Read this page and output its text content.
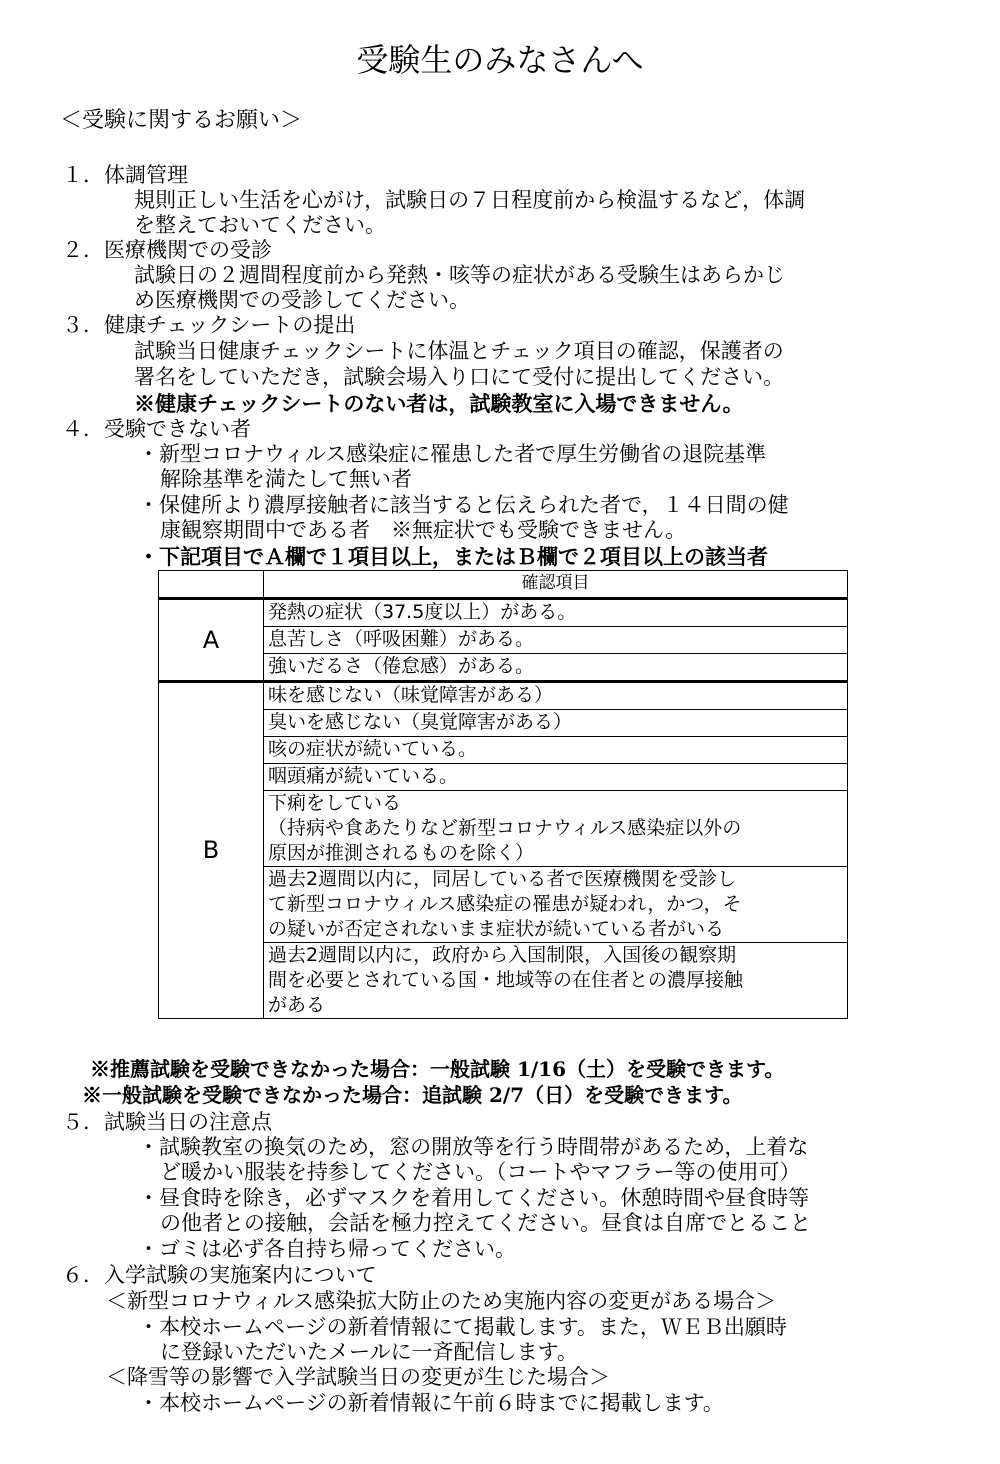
受験生のみなさんへ
＜受験に関するお願い＞
１．体調管理
規則正しい生活を心がけ，試験日の７日程度前から検温するなど，体調
を整えておいてください。
２．医療機関での受診
試験日の２週間程度前から発熱・咳等の症状がある受験生はあらかじ
め医療機関での受診してください。
３．健康チェックシートの提出
試験当日健康チェックシートに体温とチェック項目の確認，保護者の
署名をしていただき，試験会場入り口にて受付に提出してください。
※健康チェックシートのない者は，試験教室に入場できません。
４．受験できない者
・新型コロナウィルス感染症に罹患した者で厚生労働省の退院基準
解除基準を満たして無い者
・保健所より濃厚接触者に該当すると伝えられた者で，１４日間の健
康観察期間中である者　※無症状でも受験できません。
・下記項目でＡ欄で１項目以上，またはＢ欄で２項目以上の該当者
	確認項目
A	発熱の症状（37.5度以上）がある。
	息苦しさ（呼吸困難）がある。
	強いだるさ（倦怠感）がある。
B	味を感じない（味覚障害がある）
	臭いを感じない（臭覚障害がある）
	咳の症状が続いている。
	咽頭痛が続いている。

	下痢をしている
（持病や食あたりなど新型コロナウィルス感染症以外の
原因が推測されるものを除く）

	過去2週間以内に，同居している者で医療機関を受診し
て新型コロナウィルス感染症の罹患が疑われ，かつ，そ
の疑いが否定されないまま症状が続いている者がいる

	過去2週間以内に，政府から入国制限，入国後の観察期
間を必要とされている国・地域等の在住者との濃厚接触
がある
※推薦試験を受験できなかった場合：一般試験 1/16（土）を受験できます。
※一般試験を受験できなかった場合：追試験 2/7（日）を受験できます。
５．試験当日の注意点
・試験教室の換気のため，窓の開放等を行う時間帯があるため，上着な
ど暖かい服装を持参してください。（コートやマフラー等の使用可）
・昼食時を除き，必ずマスクを着用してください。休憩時間や昼食時等
の他者との接触，会話を極力控えてください。昼食は自席でとること
・ゴミは必ず各自持ち帰ってください。
６．入学試験の実施案内について
＜新型コロナウィルス感染拡大防止のため実施内容の変更がある場合＞
・本校ホームページの新着情報にて掲載します。また，ＷＥＢ出願時
に登録いただいたメールに一斉配信します。
＜降雪等の影響で入学試験当日の変更が生じた場合＞
・本校ホームページの新着情報に午前６時までに掲載します。
